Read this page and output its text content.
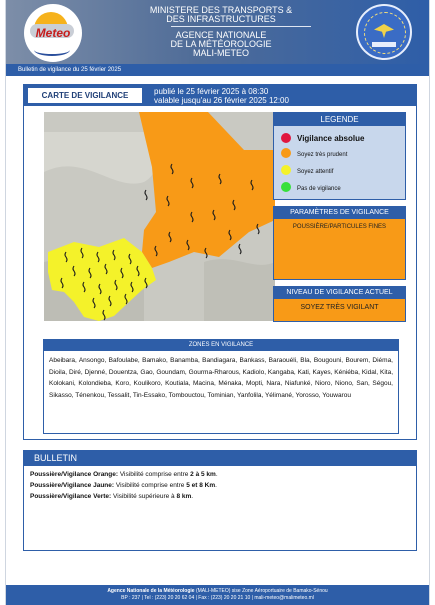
Meteo
MINISTERE DES TRANSPORTS &
DES INFRASTRUCTURES
AGENCE NATIONALE
DE LA MÉTÉOROLOGIE
MALI-METEO
Bulletin de vigilance du 25 février 2025
CARTE DE VIGILANCE	publié le 25 février 2025 à 08:30
valable jusqu'au 26 février 2025 12:00
LEGENDE
Vigilance absolue
Soyez très prudent
Soyez attentif
Pas de vigilance
PARAMÈTRES DE VIGILANCE
POUSSIÈRE/PARTICULES FINES
NIVEAU DE VIGILANCE ACTUEL
SOYEZ TRÈS VIGILANT
ZONES EN VIGILANCE
Abeibara, Ansongo, Bafoulabe, Bamako, Banamba, Bandiagara, Bankass, Baraouéli, Bla, Bougouni, Bourem, Diéma, Dioila, Diré, Djenné, Douentza, Gao, Goundam, Gourma-Rharous, Kadiolo, Kangaba, Kati, Kayes, Kéniéba, Kidal, Kita, Kolokani, Kolondieba, Koro, Koulikoro, Koutiala, Macina, Ménaka, Mopti, Nara, Niafunké, Nioro, Niono, San, Ségou, Sikasso, Ténenkou, Tessalit, Tin-Essako, Tombouctou, Tominian, Yanfolila, Yélimané, Yorosso, Youwarou
BULLETIN
Poussière/Vigilance Orange: Visibilité comprise entre 2 à 5 km.
Poussière/Vigilance Jaune: Visibilité comprise entre 5 et 8 Km.
Poussière/Vigilance Verte: Visibilité supérieure à 8 km.
Agence Nationale de la Météorologie (MALI-METEO) sise Zone Aéroportuaire de Bamako-Sénou
BP : 237 | Tel : (223) 20 20 62 04 | Fax : (223) 20 20 21 10 | mali-meteo@malimeteo.ml
